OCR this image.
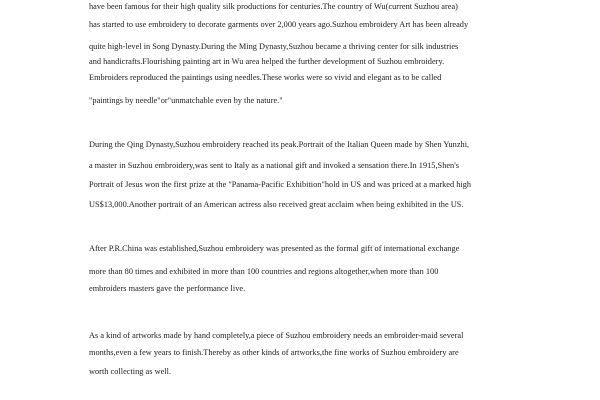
have been famous for their high quality silk productions for centuries.The country of Wu(current Suzhou area)
has started to use embroidery to decorate garments over 2,000 years ago.Suzhou embroidery Art has been already
quite high-level in Song Dynasty.During the Ming Dynasty,Suzhou became a thriving center for silk industries
and handicrafts.Flourishing painting art in Wu area helped the further development of Suzhou embroidery.
Embroiders reproduced the paintings using needles.These works were so vivid and elegant as to be called
"paintings by needle"or"unmatchable even by the nature."
During the Qing Dynasty,Suzhou embroidery reached its peak.Portrait of the Italian Queen made by Shen Yunzhi,
a master in Suzhou embroidery,was sent to Italy as a national gift and invoked a sensation there.In 1915,Shen's
Portrait of Jesus won the first prize at the "Panama-Pacific Exhibition"hold in US and was priced at a marked high
US$13,000.Another portrait of an American actress also received great acclaim when being exhibited in the US.
After P.R.China was established,Suzhou embroidery was presented as the formal gift of international exchange
more than 80 times and exhibited in more than 100 countries and regions altogether,when more than 100
embroiders masters gave the performance live.
As a kind of artworks made by hand completely,a piece of Suzhou embroidery needs an embroider-maid several
months,even a few years to finish.Thereby as other kinds of artworks,the fine works of Suzhou embroidery are
worth collecting as well.
